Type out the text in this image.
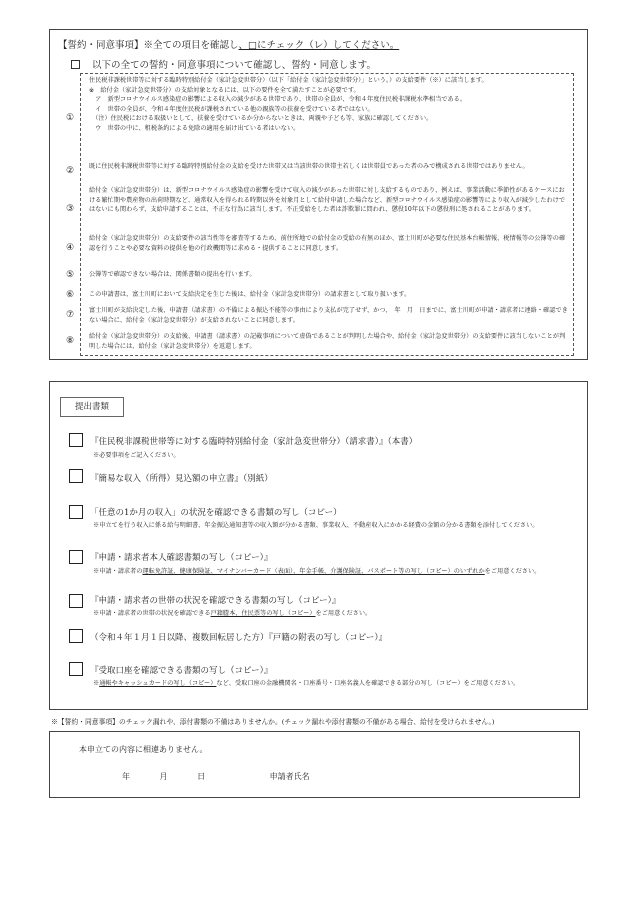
【誓約・同意事項】※全ての項目を確認し、□にチェック（レ）してください。
以下の全ての誓約・同意事項について確認し、誓約・同意します。
①
住民税非課税世帯等に対する臨時特別給付金（家計急変世帯分）（以下「給付金（家計急変世帯分）」という。）の支給要件（※）に該当します。
※　給付金（家計急変世帯分）の支給対象となるには、以下の要件を全て満たすことが必要です。
　ア　新型コロナウイルス感染症の影響による収入の減少がある世帯であり、世帯の全員が、令和４年度住民税非課税水準相当である。
　イ　世帯の全員が、令和４年度住民税が課税されている他の親族等の扶養を受けている者ではない。
　（注）住民税における取扱いとして、扶養を受けているか分からないときは、両親や子ども等、家族に確認してください。
　ウ　世帯の中に、租税条約による免除の適用を届け出ている者はいない。
② 既に住民税非課税世帯等に対する臨時特別給付金の支給を受けた世帯又は当該世帯の世帯主若しくは世帯員であった者のみで構成される世帯ではありません。
③
給付金（家計急変世帯分）は、新型コロナウイルス感染症の影響を受けて収入の減少があった世帯に対し支給するものであり、例えば、事業活動に季節性があるケースにおける繁忙期や農産物の出荷時期など、通常収入を得られる時期以外を対象月として給付申請した場合など、新型コロナウイルス感染症の影響等により収入が減少したわけではないにも関わらず、支給申請することは、不正な行為に該当します。不正受給をした者は詐欺罪に問われ、懲役10年以下の懲役刑に処されることがあります。
④
給付金（家計急変世帯分）の支給要件の該当性等を審査等するため、前住所地での給付金の受給の有無のほか、富士川町が必要な住民基本台帳情報、税情報等の公簿等の確認を行うことや必要な資料の提供を他の行政機関等に求める・提供することに同意します。
⑤ 公簿等で確認できない場合は、関係書類の提出を行います。
⑥ この申請書は、富士川町において支給決定を生じた後は、給付金（家計急変世帯分）の請求書として取り扱います。
⑦ 富士川町が支給決定した後、申請書（請求書）の不備による振込不能等の事由により支払が完了せず、かつ、　年　月　日までに、富士川町が申請・請求者に連絡・確認できない場合に、給付金（家計急変世帯分）が支給されないことに同意します。
⑧ 給付金（家計急変世帯分）の支給後、申請書（請求書）の記載事項について虚偽であることが判明した場合や、給付金（家計急変世帯分）の支給要件に該当しないことが判明した場合には、給付金（家計急変世帯分）を返還します。
提出書類
『住民税非課税世帯等に対する臨時特別給付金（家計急変世帯分）（請求書）』（本書）
※必要事項をご記入ください。
『簡易な収入（所得）見込額の申立書』（別紙）
「任意の1か月の収入」の状況を確認できる書類の写し（コピー）
※申立てを行う収入に係る給与明細書、年金振込通知書等の収入額が分かる書類、事業収入、不動産収入にかかる経費の金額の分かる書類を添付してください。
『申請・請求者本人確認書類の写し（コピー）』
※申請・請求者の運転免許証、健康保険証、マイナンバーカード（表面）、年金手帳、介護保険証、パスポート等の写し（コピー）のいずれかをご用意ください。
『申請・請求者の世帯の状況を確認できる書類の写し（コピー）』
※申請・請求者の世帯の状況を確認できる戸籍謄本、住民票等の写し（コピー）をご用意ください。
（令和４年１月１日以降、複数回転居した方）『戸籍の附表の写し（コピー）』
『受取口座を確認できる書類の写し（コピー）』
※通帳やキャッシュカードの写し（コピー）など、受取口座の金融機関名・口座番号・口座名義人を確認できる部分の写し（コピー）をご用意ください。
※【誓約・同意事項】のチェック漏れや、添付書類の不備はありませんか。(チェック漏れや添付書類の不備がある場合、給付を受けられません。)
本申立ての内容に相違ありません。
年	月	日	申請者氏名
